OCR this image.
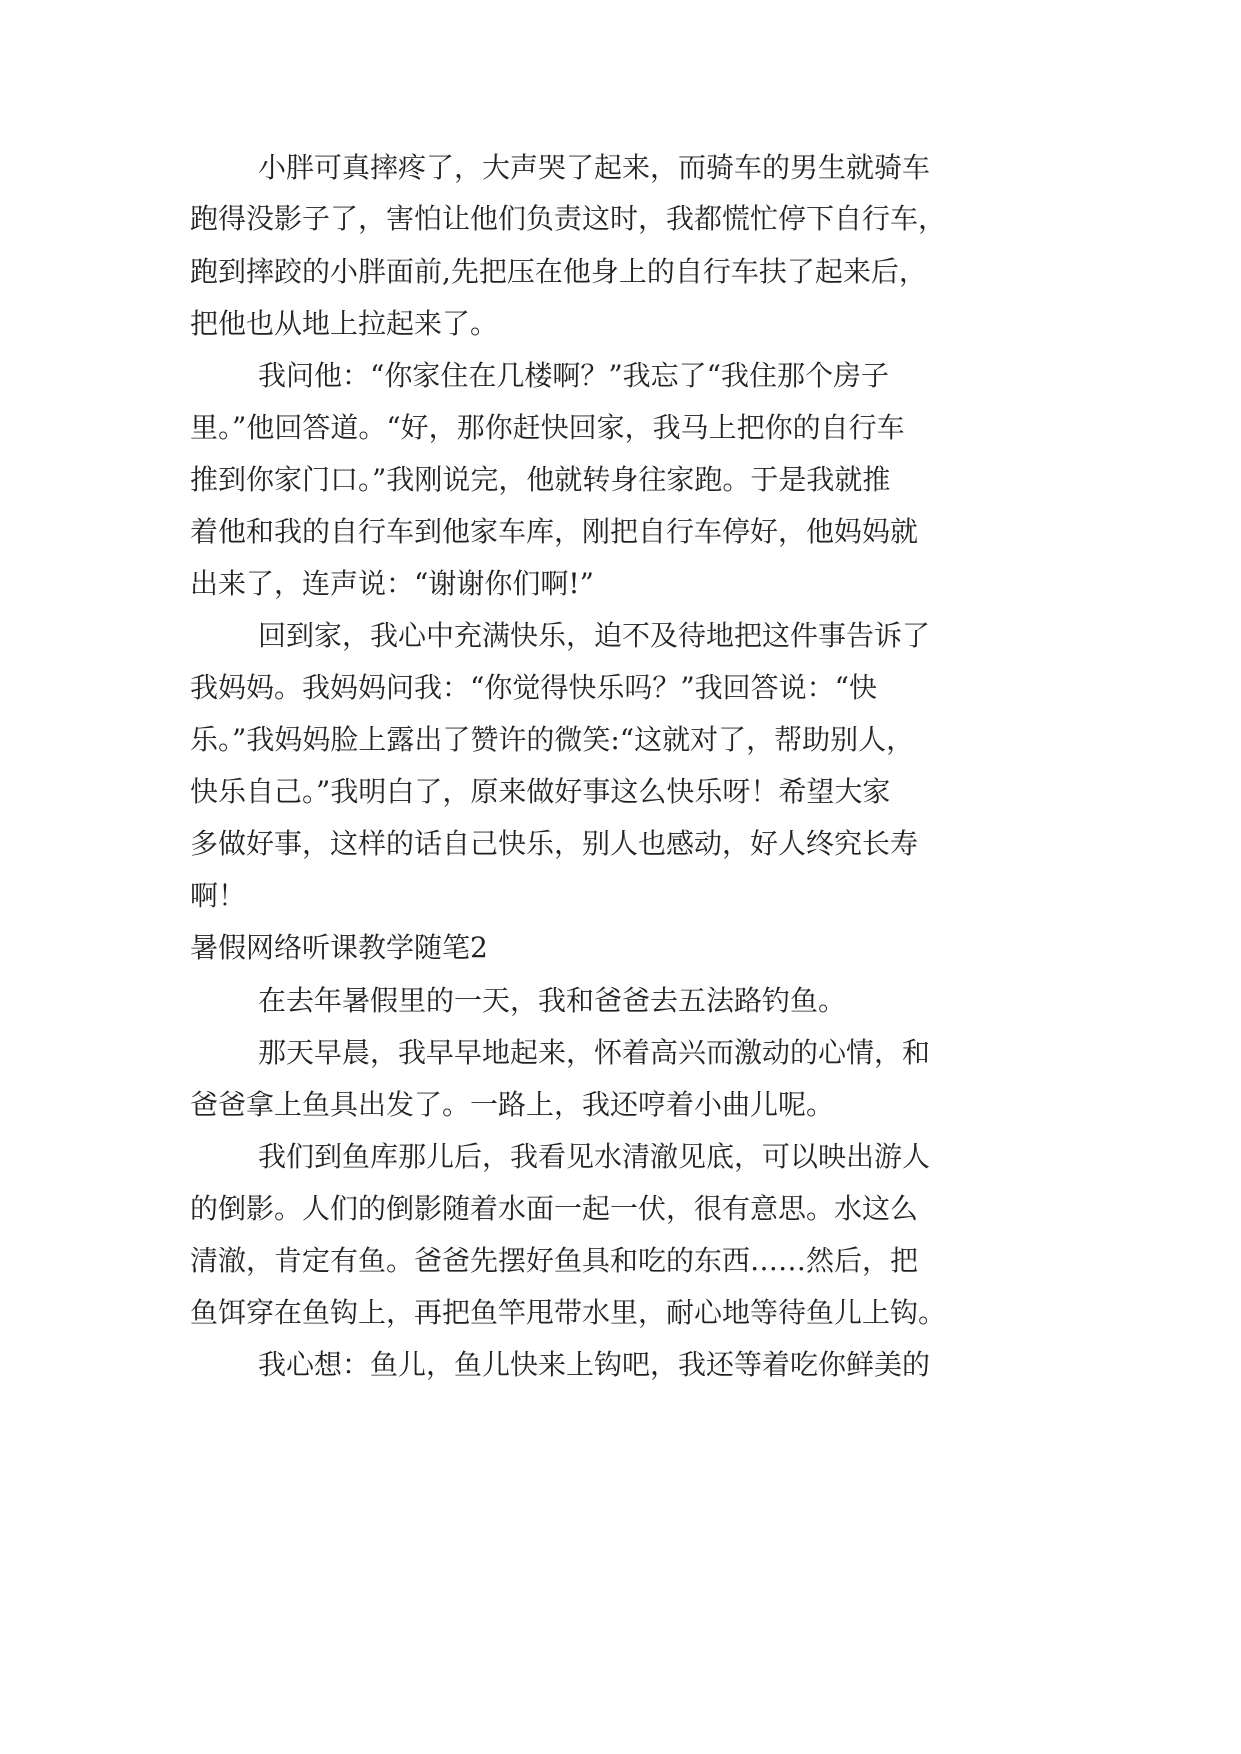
小胖可真摔疼了，大声哭了起来，而骑车的男生就骑车
跑得没影子了，害怕让他们负责这时，我都慌忙停下自行车，
跑到摔跤的小胖面前,先把压在他身上的自行车扶了起来后，
把他也从地上拉起来了。
我问他：“你家住在几楼啊？”我忘了“我住那个房子
里。”他回答道。“好，那你赶快回家，我马上把你的自行车
推到你家门口。”我刚说完，他就转身往家跑。于是我就推
着他和我的自行车到他家车库，刚把自行车停好，他妈妈就
出来了，连声说：“谢谢你们啊!”
回到家，我心中充满快乐，迫不及待地把这件事告诉了
我妈妈。我妈妈问我：“你觉得快乐吗？”我回答说：“快
乐。”我妈妈脸上露出了赞许的微笑:“这就对了，帮助别人，
快乐自己。”我明白了，原来做好事这么快乐呀！希望大家
多做好事，这样的话自己快乐，别人也感动，好人终究长寿
啊！
暑假网络听课教学随笔2
在去年暑假里的一天，我和爸爸去五法路钓鱼。
那天早晨，我早早地起来，怀着高兴而激动的心情，和
爸爸拿上鱼具出发了。一路上，我还哼着小曲儿呢。
我们到鱼库那儿后，我看见水清澈见底，可以映出游人
的倒影。人们的倒影随着水面一起一伏，很有意思。水这么
清澈，肯定有鱼。爸爸先摆好鱼具和吃的东西……然后，把
鱼饵穿在鱼钩上，再把鱼竿甩带水里，耐心地等待鱼儿上钩。
我心想：鱼儿，鱼儿快来上钩吧，我还等着吃你鲜美的
